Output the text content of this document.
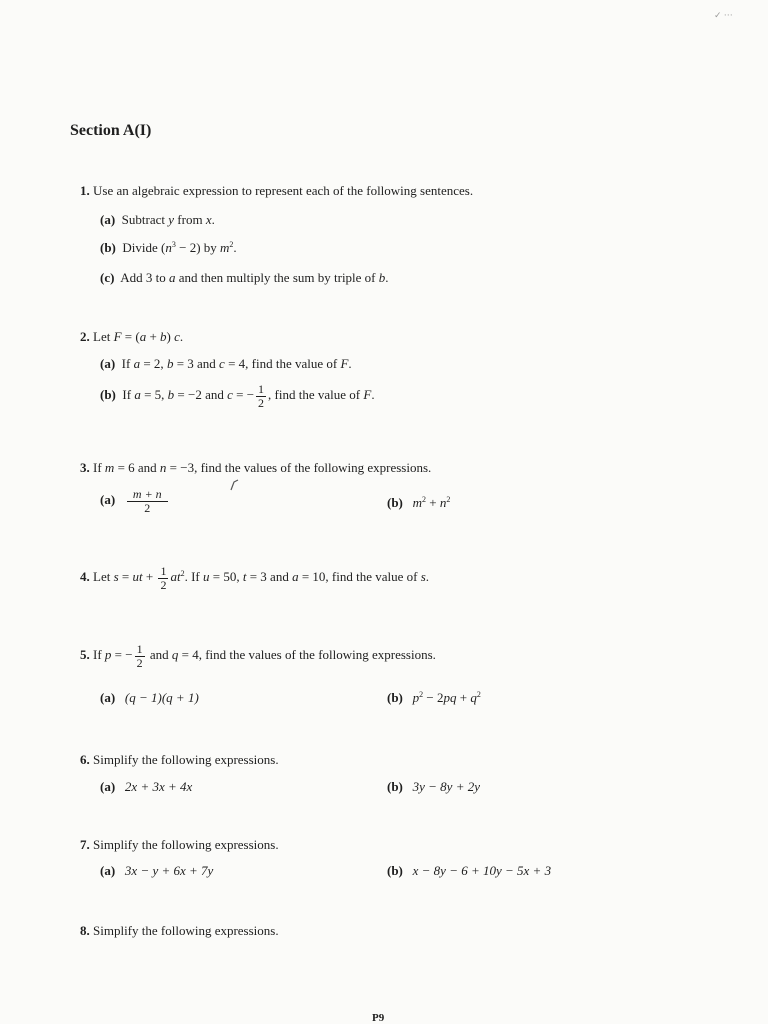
✓ ···
Section A(I)
1. Use an algebraic expression to represent each of the following sentences.
(a) Subtract y from x.
(b) Divide $(n^3 - 2)$ by $m^2$.
(c) Add 3 to a and then multiply the sum by triple of b.
2. Let F = (a + b) c.
(a) If a = 2, b = 3 and c = 4, find the value of F.
(b) If a = 5, b = −2 and c = − $\frac{1}{2}$ , find the value of F.
3. If m = 6 and n = −3, find the values of the following expressions.
$(a) \frac{m + n}{2}$	(b) $m^2 + n^2$
4. Let s = ut + $\frac{1}{2} at^2$. If u = 50, t = 3 and a = 10, find the value of s.
5. If p = − $\frac{1}{2}$ and q = 4, find the values of the following expressions.
(a) (q − 1)(q + 1)	(b) $p^2 - 2pq + q^2$
6. Simplify the following expressions.
(a) 2x + 3x + 4x	(b) 3y − 8y + 2y
7. Simplify the following expressions.
(a) 3x − y + 6x + 7y	(b) x − 8y − 6 + 10y − 5x + 3
8. Simplify the following expressions.
P9
